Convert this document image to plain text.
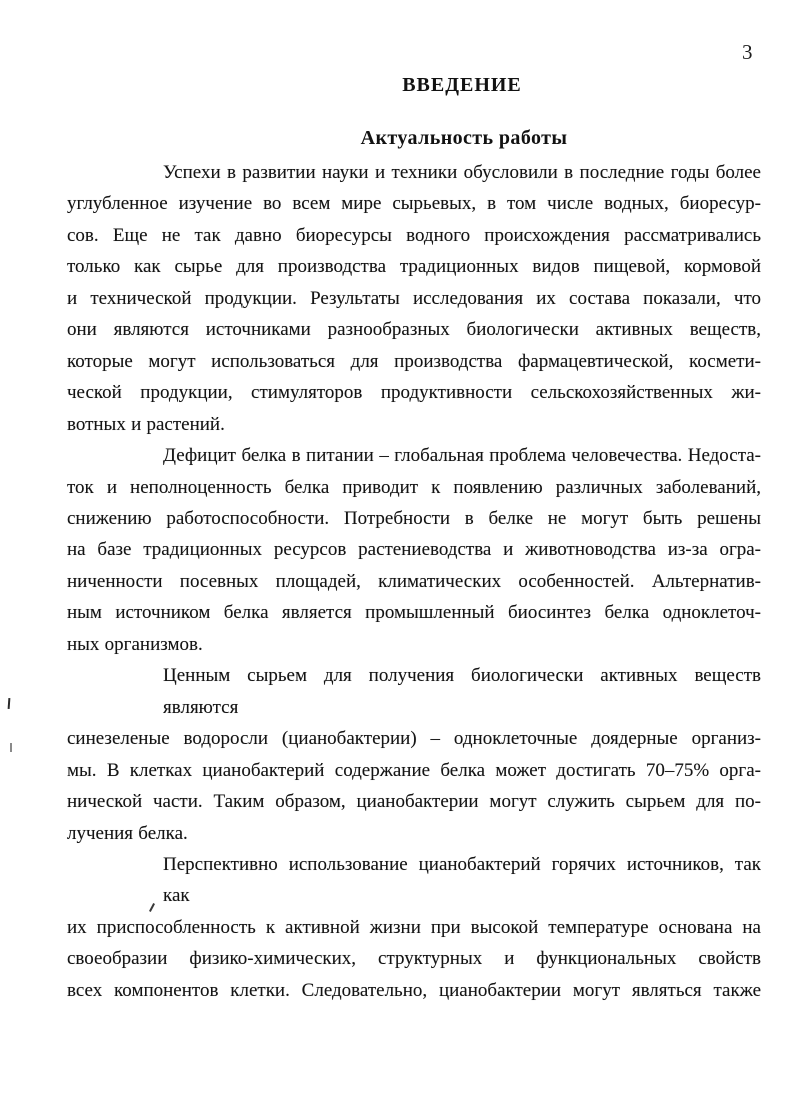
3
ВВЕДЕНИЕ
Актуальность работы
Успехи в развитии науки и техники обусловили в последние годы более
углубленное изучение во всем мире сырьевых, в том числе водных, биоресур-
сов. Еще не так давно биоресурсы водного происхождения рассматривались
только как сырье для производства традиционных видов пищевой, кормовой
и технической продукции. Результаты исследования их состава показали, что
они являются источниками разнообразных биологически активных веществ,
которые могут использоваться для производства фармацевтической, космети-
ческой продукции, стимуляторов продуктивности сельскохозяйственных жи-
вотных и растений.
Дефицит белка в питании – глобальная проблема человечества. Недоста-
ток и неполноценность белка приводит к появлению различных заболеваний,
снижению работоспособности. Потребности в белке не могут быть решены
на базе традиционных ресурсов растениеводства и животноводства из-за огра-
ниченности посевных площадей, климатических особенностей. Альтернатив-
ным источником белка является промышленный биосинтез белка одноклеточ-
ных организмов.
Ценным сырьем для получения биологически активных веществ являются
синезеленые водоросли (цианобактерии) – одноклеточные доядерные организ-
мы. В клетках цианобактерий содержание белка может достигать 70–75% орга-
нической части. Таким образом, цианобактерии могут служить сырьем для по-
лучения белка.
Перспективно использование цианобактерий горячих источников, так как
их приспособленность к активной жизни при высокой температуре основана на
своеобразии физико-химических, структурных и функциональных свойств
всех компонентов клетки. Следовательно, цианобактерии могут являться также
